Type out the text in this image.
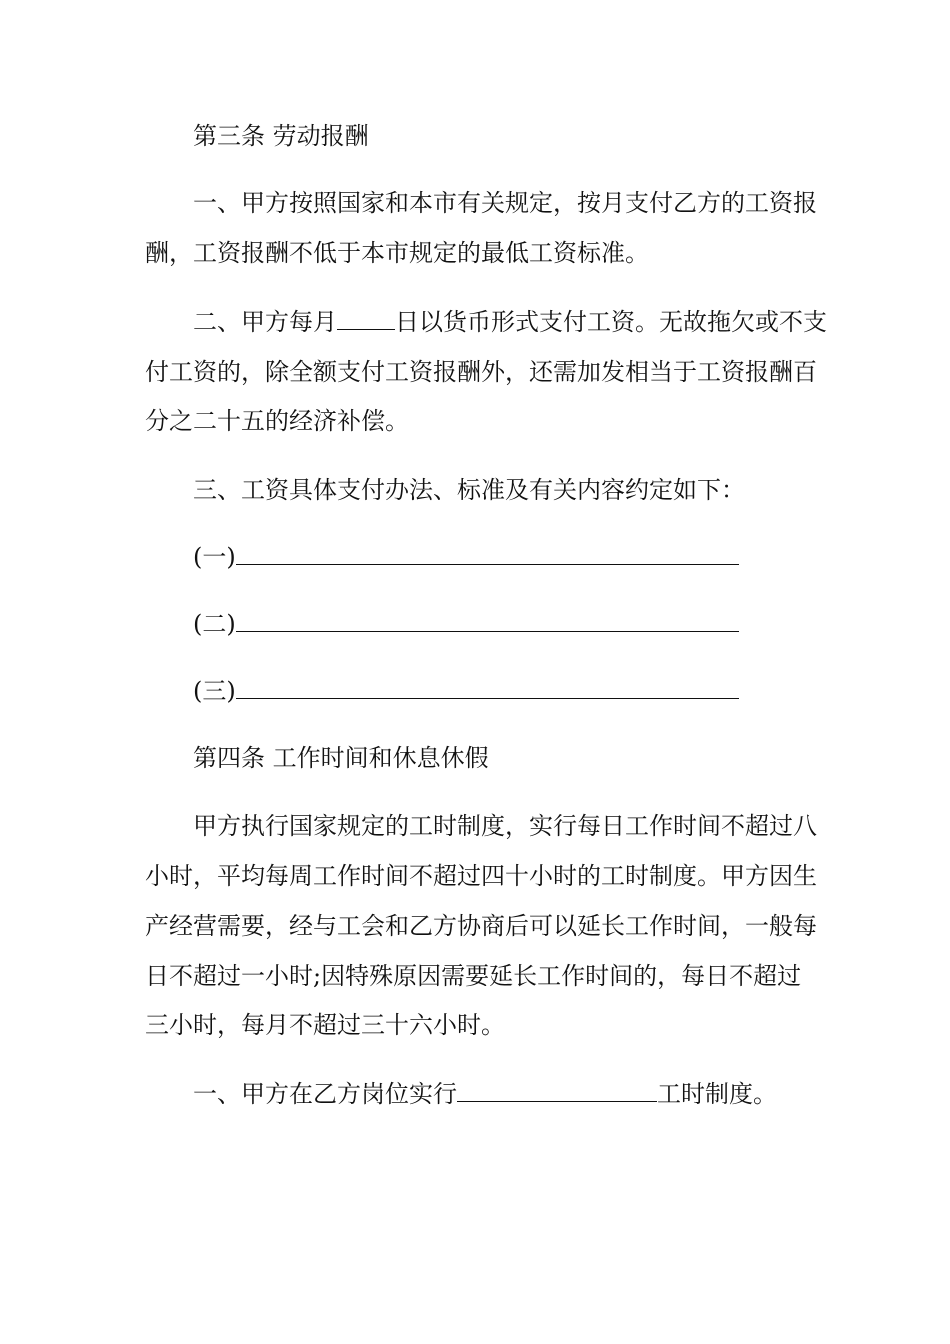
第三条 劳动报酬
一、甲方按照国家和本市有关规定，按月支付乙方的工资报
酬，工资报酬不低于本市规定的最低工资标准。
二、甲方每月 日以货币形式支付工资。无故拖欠或不支
付工资的，除全额支付工资报酬外，还需加发相当于工资报酬百
分之二十五的经济补偿。
三、工资具体支付办法、标准及有关内容约定如下：
(一)
(二)
(三)
第四条 工作时间和休息休假
甲方执行国家规定的工时制度，实行每日工作时间不超过八
小时，平均每周工作时间不超过四十小时的工时制度。甲方因生
产经营需要，经与工会和乙方协商后可以延长工作时间，一般每
日不超过一小时;因特殊原因需要延长工作时间的，每日不超过
三小时，每月不超过三十六小时。
一、甲方在乙方岗位实行	工时制度。
